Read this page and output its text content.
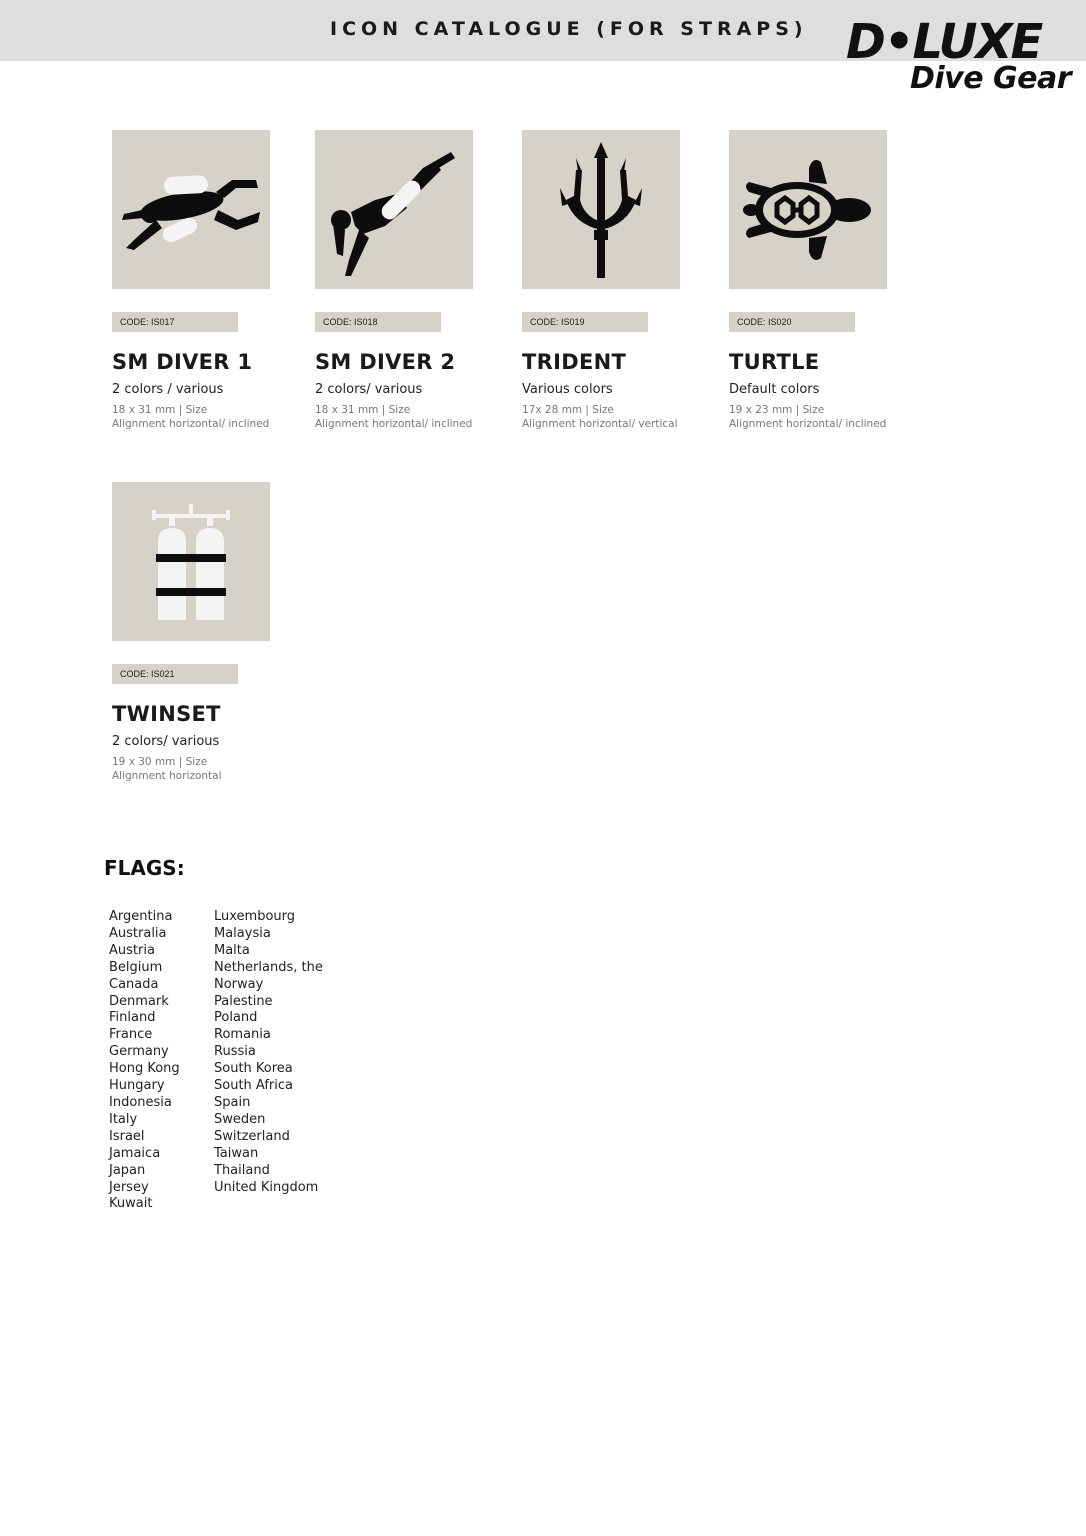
ICON CATALOGUE (FOR STRAPS) D•LUXE
Dive Gear
CODE: IS017
SM DIVER 1
2 colors / various
18 x 31 mm | Size
Alignment horizontal/ inclined
CODE: IS018
SM DIVER 2
2 colors/ various
18 x 31 mm | Size
Alignment horizontal/ inclined
CODE: IS019
TRIDENT
Various colors
17x 28 mm | Size
Alignment horizontal/ vertical
CODE: IS020
TURTLE
Default colors
19 x 23 mm | Size
Alignment horizontal/ inclined
CODE: IS021
TWINSET
2 colors/ various
19 x 30 mm | Size
Alignment horizontal
FLAGS:
Argentina
Australia
Austria
Belgium
Canada
Denmark
Finland
France
Germany
Hong Kong
Hungary
Indonesia
Italy
Israel
Jamaica
Japan
Jersey
Kuwait
Luxembourg
Malaysia
Malta
Netherlands, the
Norway
Palestine
Poland
Romania
Russia
South Korea
South Africa
Spain
Sweden
Switzerland
Taiwan
Thailand
United Kingdom
